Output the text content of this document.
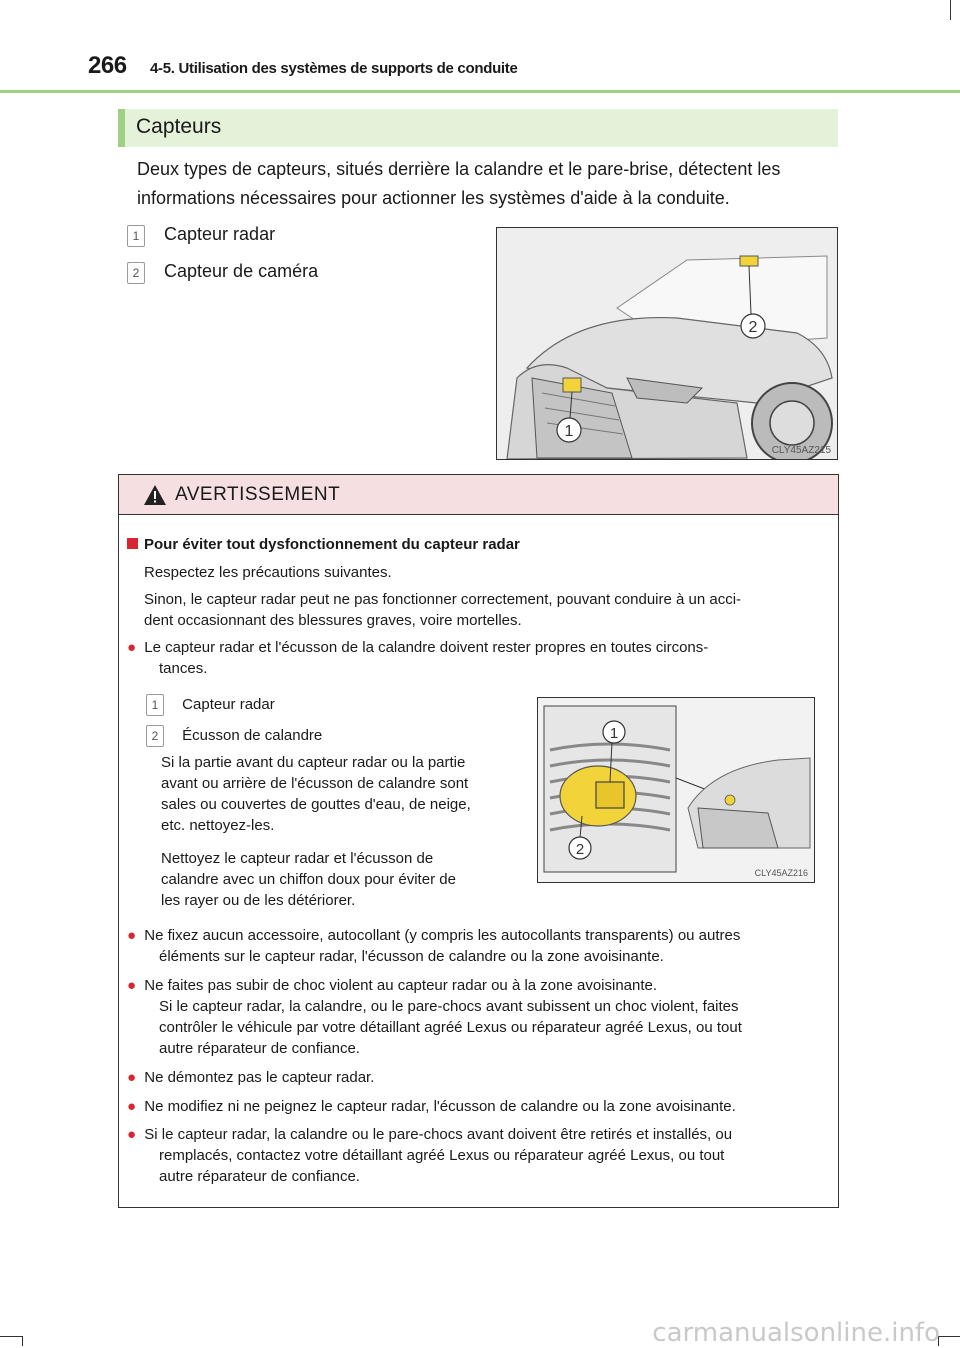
266 4-5. Utilisation des systèmes de supports de conduite
Capteurs
Deux types de capteurs, situés derrière la calandre et le pare-brise, détectent les
informations nécessaires pour actionner les systèmes d'aide à la conduite.
1 Capteur radar
2 Capteur de caméra
2
1
CLY45AZ215
AVERTISSEMENT
Pour éviter tout dysfonctionnement du capteur radar
Respectez les précautions suivantes.
Sinon, le capteur radar peut ne pas fonctionner correctement, pouvant conduire à un acci-
dent occasionnant des blessures graves, voire mortelles.
● Le capteur radar et l'écusson de la calandre doivent rester propres en toutes circons-
tances.
1 Capteur radar
2 Écusson de calandre
Si la partie avant du capteur radar ou la partie
avant ou arrière de l'écusson de calandre sont
sales ou couvertes de gouttes d'eau, de neige,
etc. nettoyez-les.
Nettoyez le capteur radar et l'écusson de
calandre avec un chiffon doux pour éviter de
les rayer ou de les détériorer.
1
2
CLY45AZ216
● Ne fixez aucun accessoire, autocollant (y compris les autocollants transparents) ou autres
éléments sur le capteur radar, l'écusson de calandre ou la zone avoisinante.
● Ne faites pas subir de choc violent au capteur radar ou à la zone avoisinante.
Si le capteur radar, la calandre, ou le pare-chocs avant subissent un choc violent, faites
contrôler le véhicule par votre détaillant agréé Lexus ou réparateur agréé Lexus, ou tout
autre réparateur de confiance.
● Ne démontez pas le capteur radar.
● Ne modifiez ni ne peignez le capteur radar, l'écusson de calandre ou la zone avoisinante.
● Si le capteur radar, la calandre ou le pare-chocs avant doivent être retirés et installés, ou
remplacés, contactez votre détaillant agréé Lexus ou réparateur agréé Lexus, ou tout
autre réparateur de confiance.
carmanualsonline.info
